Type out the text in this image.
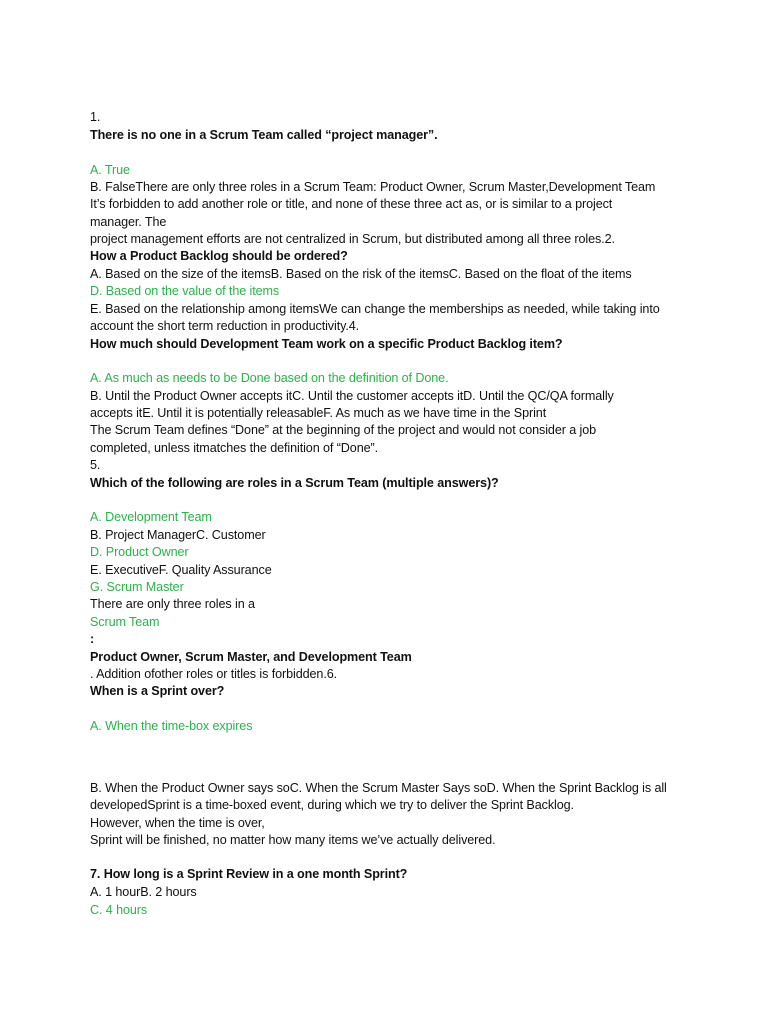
1.
There is no one in a Scrum Team called “project manager”.
A. True
B. FalseThere are only three roles in a Scrum Team: Product Owner, Scrum Master,Development Team
It’s forbidden to add another role or title, and none of these three act as, or is similar to a project
manager. The
project management efforts are not centralized in Scrum, but distributed among all three roles.2.
How a Product Backlog should be ordered?
A. Based on the size of the itemsB. Based on the risk of the itemsC. Based on the float of the items
D. Based on the value of the items
E. Based on the relationship among itemsWe can change the memberships as needed, while taking into
account the short term reduction in productivity.4.
How much should Development Team work on a specific Product Backlog item?
A. As much as needs to be Done based on the definition of Done.
B. Until the Product Owner accepts itC. Until the customer accepts itD. Until the QC/QA formally
accepts itE. Until it is potentially releasableF. As much as we have time in the Sprint
The Scrum Team defines “Done” at the beginning of the project and would not consider a job
completed, unless itmatches the definition of “Done”.
5.
Which of the following are roles in a Scrum Team (multiple answers)?
A. Development Team
B. Project ManagerC. Customer
D. Product Owner
E. ExecutiveF. Quality Assurance
G. Scrum Master
There are only three roles in a
Scrum Team
:
Product Owner, Scrum Master, and Development Team
. Addition ofother roles or titles is forbidden.6.
When is a Sprint over?
A. When the time-box expires
B. When the Product Owner says soC. When the Scrum Master Says soD. When the Sprint Backlog is all
developedSprint is a time-boxed event, during which we try to deliver the Sprint Backlog.
However, when the time is over,
Sprint will be finished, no matter how many items we’ve actually delivered.
7. How long is a Sprint Review in a one month Sprint?
A. 1 hourB. 2 hours
C. 4 hours
